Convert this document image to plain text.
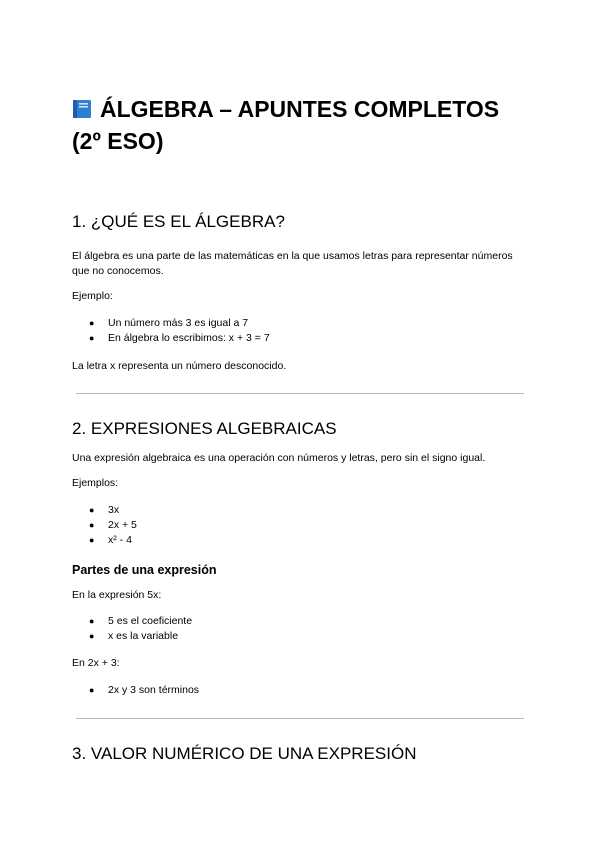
ÁLGEBRA – APUNTES COMPLETOS (2º ESO)
1. ¿QUÉ ES EL ÁLGEBRA?

El álgebra es una parte de las matemáticas en la que usamos letras para representar números que no conocemos.

Ejemplo:

● Un número más 3 es igual a 7
● En álgebra lo escribimos: x + 3 = 7

La letra x representa un número desconocido.

2. EXPRESIONES ALGEBRAICAS

Una expresión algebraica es una operación con números y letras, pero sin el signo igual.

Ejemplos:

● 3x
● 2x + 5
● x² - 4
Partes de una expresión

En la expresión 5x:

● 5 es el coeficiente
● x es la variable

En 2x + 3:

● 2x y 3 son términos
3. VALOR NUMÉRICO DE UNA EXPRESIÓN
